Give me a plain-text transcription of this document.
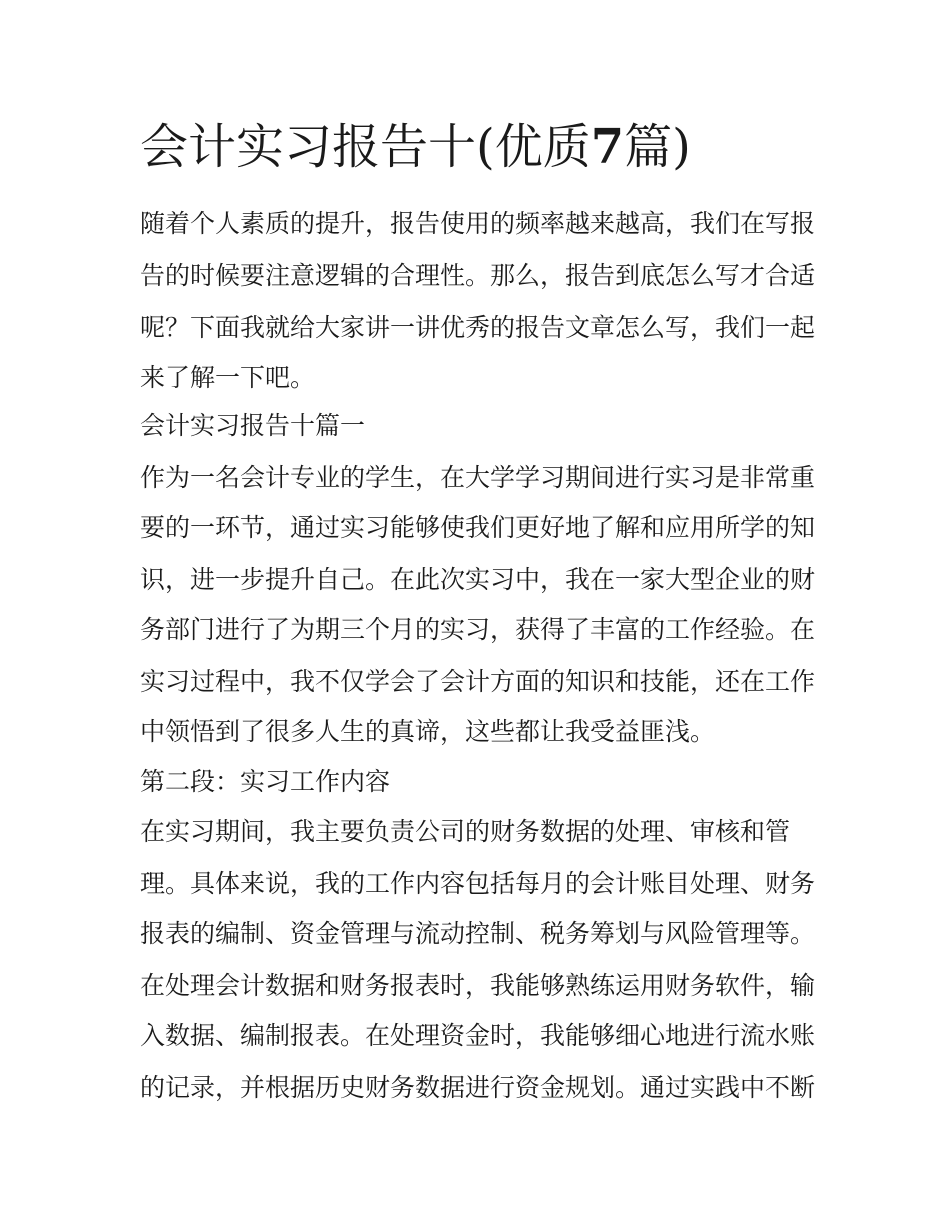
会计实习报告十(优质7篇)

随着个人素质的提升，报告使用的频率越来越高，我们在写报

告的时候要注意逻辑的合理性。那么，报告到底怎么写才合适

呢？下面我就给大家讲一讲优秀的报告文章怎么写，我们一起

来了解一下吧。

会计实习报告十篇一

作为一名会计专业的学生，在大学学习期间进行实习是非常重

要的一环节，通过实习能够使我们更好地了解和应用所学的知

识，进一步提升自己。在此次实习中，我在一家大型企业的财

务部门进行了为期三个月的实习，获得了丰富的工作经验。在

实习过程中，我不仅学会了会计方面的知识和技能，还在工作

中领悟到了很多人生的真谛，这些都让我受益匪浅。

第二段：实习工作内容

在实习期间，我主要负责公司的财务数据的处理、审核和管

理。具体来说，我的工作内容包括每月的会计账目处理、财务

报表的编制、资金管理与流动控制、税务筹划与风险管理等。

在处理会计数据和财务报表时，我能够熟练运用财务软件，输

入数据、编制报表。在处理资金时，我能够细心地进行流水账

的记录，并根据历史财务数据进行资金规划。通过实践中不断
